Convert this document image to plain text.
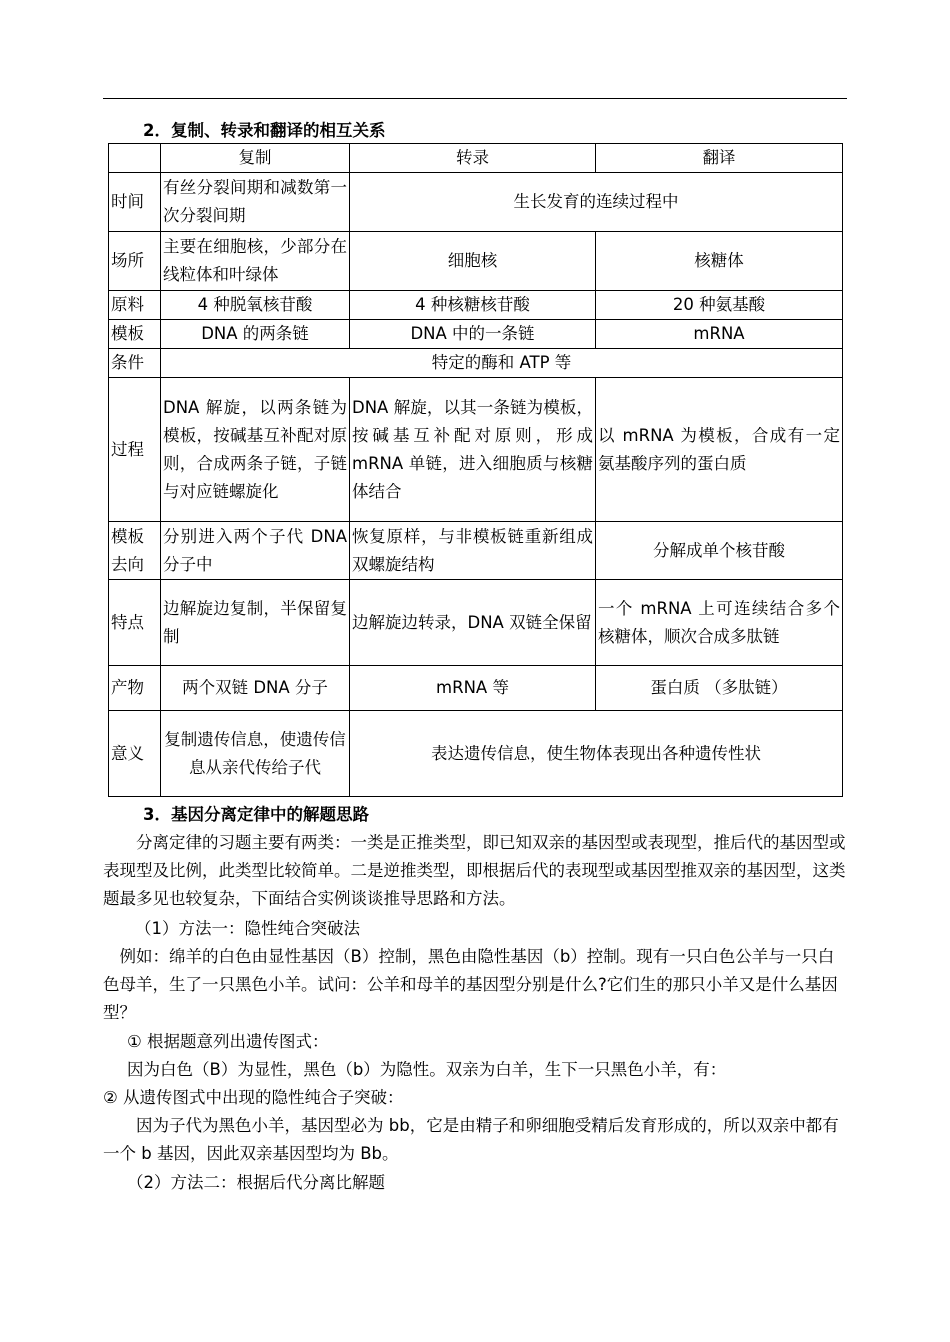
2．复制、转录和翻译的相互关系
	复制	转录	翻译
时间	有丝分裂间期和减数第一次分裂间期	生长发育的连续过程中	
场所	主要在细胞核，少部分在线粒体和叶绿体	细胞核	核糖体
原料	4 种脱氧核苷酸	4 种核糖核苷酸	20 种氨基酸
模板	DNA 的两条链	DNA 中的一条链	mRNA
条件	特定的酶和 ATP 等		
过程	DNA 解旋，以两条链为模板，按碱基互补配对原则，合成两条子链，子链与对应链螺旋化	DNA 解旋，以其一条链为模板，按碱基互补配对原则，形成 mRNA 单链，进入细胞质与核糖体结合	以 mRNA 为模板，合成有一定氨基酸序列的蛋白质
模板去向	分别进入两个子代 DNA 分子中	恢复原样，与非模板链重新组成双螺旋结构	分解成单个核苷酸
特点	边解旋边复制，半保留复制	边解旋边转录，DNA 双链全保留	一个 mRNA 上可连续结合多个核糖体，顺次合成多肽链
产物	两个双链 DNA 分子	mRNA 等	蛋白质 （多肽链）
意义	复制遗传信息，使遗传信息从亲代传给子代	表达遗传信息，使生物体表现出各种遗传性状	
3．基因分离定律中的解题思路
分离定律的习题主要有两类：一类是正推类型，即已知双亲的基因型或表现型，推后代的基因型或表现型及比例，此类型比较简单。二是逆推类型，即根据后代的表现型或基因型推双亲的基因型，这类题最多见也较复杂，下面结合实例谈谈推导思路和方法。
（1）方法一：隐性纯合突破法
例如：绵羊的白色由显性基因（B）控制，黑色由隐性基因（b）控制。现有一只白色公羊与一只白色母羊，生了一只黑色小羊。试问：公羊和母羊的基因型分别是什么?它们生的那只小羊又是什么基因型？
① 根据题意列出遗传图式：
因为白色（B）为显性，黑色（b）为隐性。双亲为白羊，生下一只黑色小羊，有：
② 从遗传图式中出现的隐性纯合子突破：
因为子代为黑色小羊，基因型必为 bb，它是由精子和卵细胞受精后发育形成的，所以双亲中都有一个 b 基因，因此双亲基因型均为 Bb。
（2）方法二：根据后代分离比解题
